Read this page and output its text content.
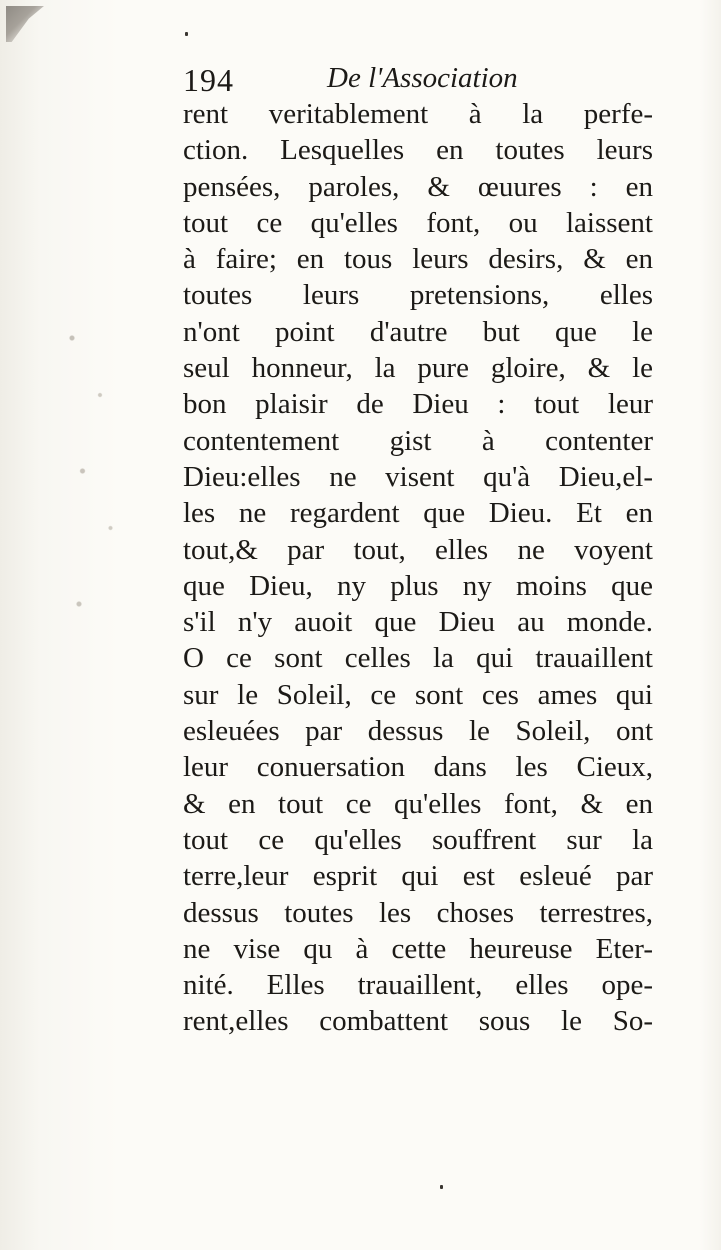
194	De l'Association
rent veritablement à la perfe-
ction. Lesquelles en toutes leurs
pensées, paroles, & œuures : en
tout ce qu'elles font, ou laissent
à faire; en tous leurs desirs, & en
toutes leurs pretensions, elles
n'ont point d'autre but que le
seul honneur, la pure gloire, & le
bon plaisir de Dieu : tout leur
contentement gist à contenter
Dieu:elles ne visent qu'à Dieu,el-
les ne regardent que Dieu. Et en
tout,& par tout, elles ne voyent
que Dieu, ny plus ny moins que
s'il n'y auoit que Dieu au monde.
O ce sont celles la qui trauaillent
sur le Soleil, ce sont ces ames qui
esleuées par dessus le Soleil, ont
leur conuersation dans les Cieux,
& en tout ce qu'elles font, & en
tout ce qu'elles souffrent sur la
terre,leur esprit qui est esleué par
dessus toutes les choses terrestres,
ne vise qu à cette heureuse Eter-
nité. Elles trauaillent, elles ope-
rent,elles combattent sous le So-
